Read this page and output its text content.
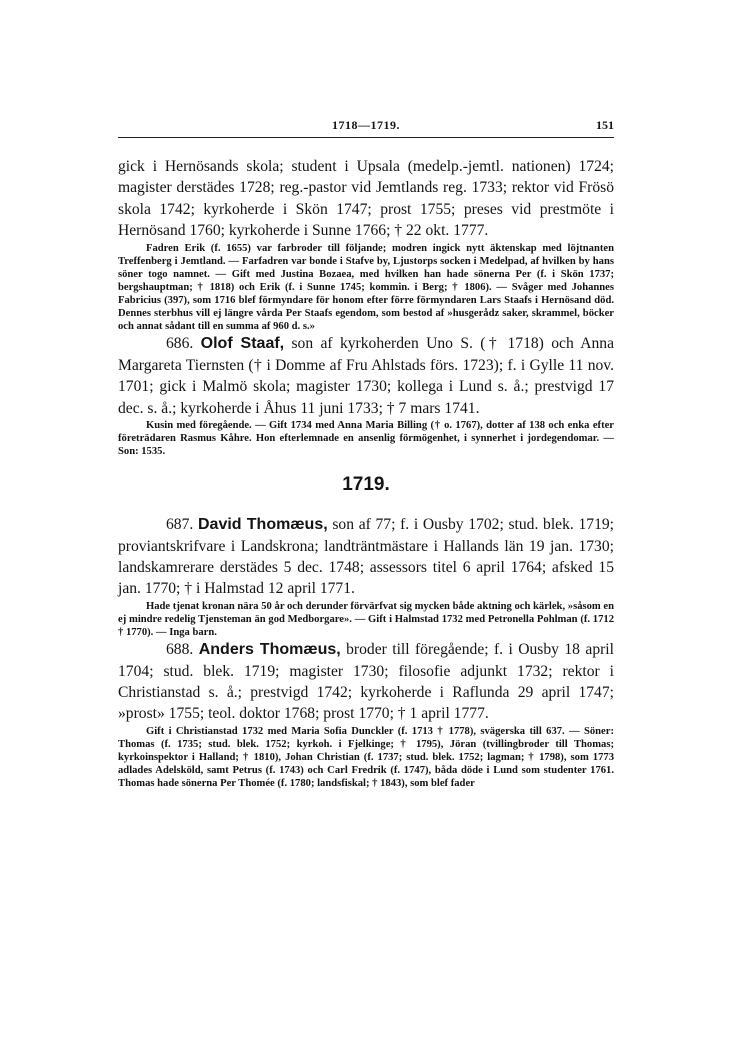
1718—1719.	151

gick i Hernösands skola; student i Upsala (medelp.-jemtl. nationen) 1724; magister derstädes 1728; reg.-pastor vid Jemtlands reg. 1733; rektor vid Frösö skola 1742; kyrkoherde i Skön 1747; prost 1755; preses vid prestmöte i Hernösand 1760; kyrkoherde i Sunne 1766; † 22 okt. 1777.

Fadren Erik (f. 1655) var farbroder till följande; modren ingick nytt äktenskap med löjtnanten Treffenberg i Jemtland. — Farfadren var bonde i Stafve by, Ljustorps socken i Medelpad, af hvilken by hans söner togo namnet. — Gift med Justina Bozaea, med hvilken han hade sönerna Per (f. i Skön 1737; bergshauptman; † 1818) och Erik (f. i Sunne 1745; kommin. i Berg; † 1806). — Svåger med Johannes Fabricius (397), som 1716 blef förmyndare för honom efter förre förmyndaren Lars Staafs i Hernösand död. Dennes sterbhus vill ej längre vårda Per Staafs egendom, som bestod af »husgerådz saker, skrammel, böcker och annat sådant till en summa af 960 d. s.»

686. Olof Staaf, son af kyrkoherden Uno S. († 1718) och Anna Margareta Tiernsten († i Domme af Fru Ahlstads förs. 1723); f. i Gylle 11 nov. 1701; gick i Malmö skola; magister 1730; kollega i Lund s. å.; prestvigd 17 dec. s. å.; kyrkoherde i Åhus 11 juni 1733; † 7 mars 1741.

Kusin med föregående. — Gift 1734 med Anna Maria Billing († o. 1767), dotter af 138 och enka efter företrädaren Rasmus Kåhre. Hon efterlemnade en ansenlig förmögenhet, i synnerhet i jordegendomar. — Son: 1535.

1719.

687. David Thomæus, son af 77; f. i Ousby 1702; stud. blek. 1719; proviantskrifvare i Landskrona; landträntmästare i Hallands län 19 jan. 1730; landskamrerare derstädes 5 dec. 1748; assessors titel 6 april 1764; afsked 15 jan. 1770; † i Halmstad 12 april 1771.

Hade tjenat kronan nära 50 år och derunder förvärfvat sig mycken både aktning och kärlek, »såsom en ej mindre redelig Tjensteman än god Medborgare». — Gift i Halmstad 1732 med Petronella Pohlman (f. 1712 † 1770). — Inga barn.

688. Anders Thomæus, broder till föregående; f. i Ousby 18 april 1704; stud. blek. 1719; magister 1730; filosofie adjunkt 1732; rektor i Christianstad s. å.; prestvigd 1742; kyrkoherde i Raflunda 29 april 1747; »prost» 1755; teol. doktor 1768; prost 1770; † 1 april 1777.

Gift i Christianstad 1732 med Maria Sofia Dunckler (f. 1713 † 1778), svägerska till 637. — Söner: Thomas (f. 1735; stud. blek. 1752; kyrkoh. i Fjelkinge; † 1795), Jöran (tvillingbroder till Thomas; kyrkoinspektor i Halland; † 1810), Johan Christian (f. 1737; stud. blek. 1752; lagman; † 1798), som 1773 adlades Adelsköld, samt Petrus (f. 1743) och Carl Fredrik (f. 1747), båda döde i Lund som studenter 1761. Thomas hade sönerna Per Thomée (f. 1780; landsfiskal; † 1843), som blef fader
